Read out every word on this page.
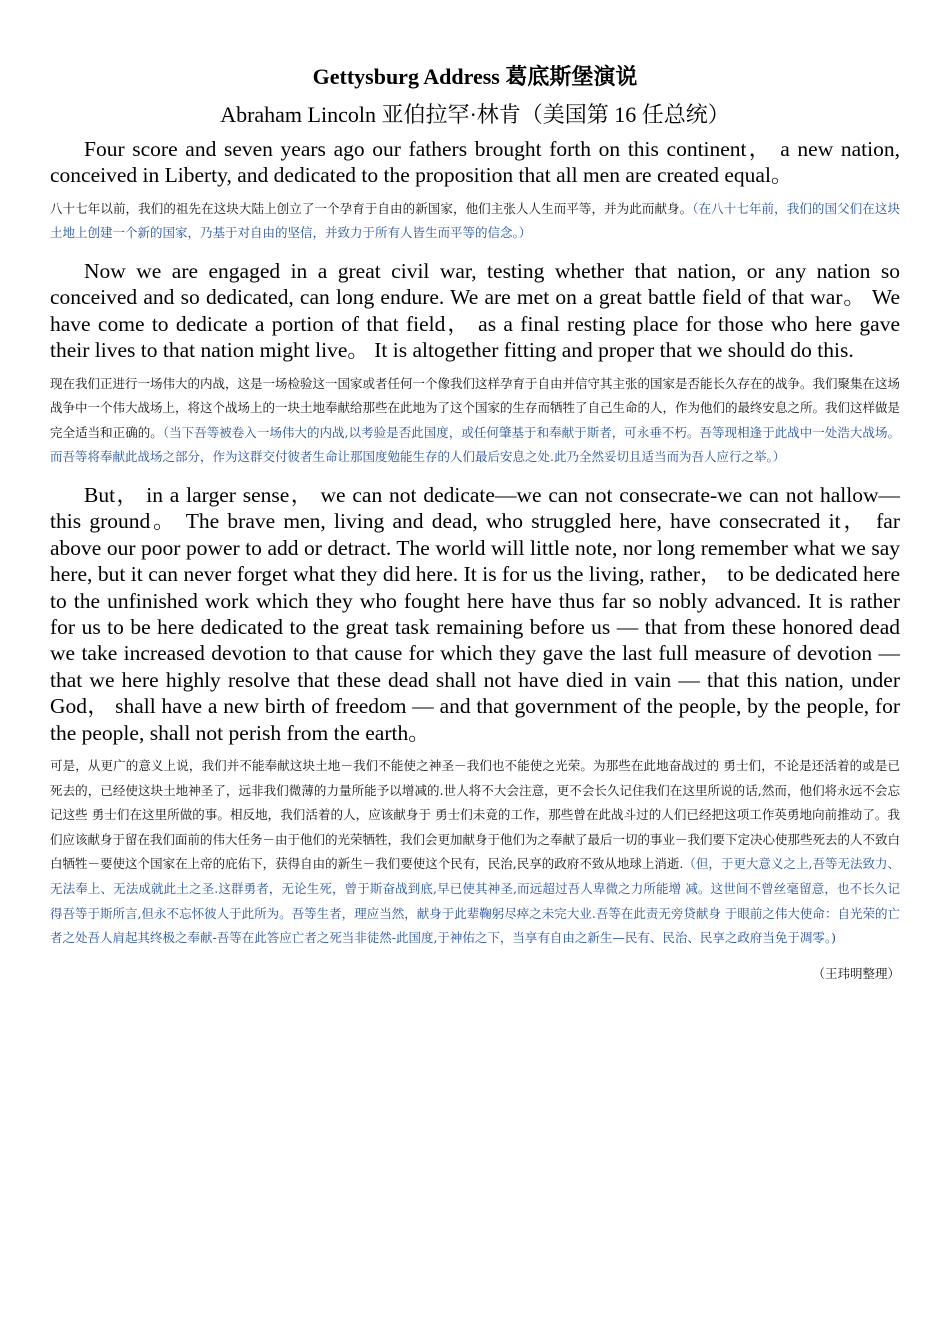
Gettysburg Address 葛底斯堡演说

Abraham Lincoln 亚伯拉罕·林肯（美国第 16 任总统）

Four score and seven years ago our fathers brought forth on this continent， a new nation, conceived in Liberty, and dedicated to the proposition that all men are created equal。

八十七年以前，我们的祖先在这块大陆上创立了一个孕育于自由的新国家，他们主张人人生而平等，并为此而献身。（在八十七年前，我们的国父们在这块土地上创建一个新的国家，乃基于对自由的坚信，并致力于所有人皆生而平等的信念。）

Now we are engaged in a great civil war, testing whether that nation, or any nation so conceived and so dedicated, can long endure. We are met on a great battle field of that war。 We have come to dedicate a portion of that field， as a final resting place for those who here gave their lives to that nation might live。 It is altogether fitting and proper that we should do this.

现在我们正进行一场伟大的内战，这是一场检验这一国家或者任何一个像我们这样孕育于自由并信守其主张的国家是否能长久存在的战争。我们聚集在这场战争中一个伟大战场上，将这个战场上的一块土地奉献给那些在此地为了这个国家的生存而牺牲了自己生命的人，作为他们的最终安息之所。我们这样做是完全适当和正确的。（当下吾等被卷入一场伟大的内战,以考验是否此国度，或任何肇基于和奉献于斯者，可永垂不朽。吾等现相逢于此战中一处浩大战场。而吾等将奉献此战场之部分，作为这群交付彼者生命让那国度勉能生存的人们最后安息之处.此乃全然妥切且适当而为吾人应行之举。）

But， in a larger sense， we can not dedicate—we can not consecrate-we can not hallow—this ground。 The brave men, living and dead, who struggled here, have consecrated it， far above our poor power to add or detract. The world will little note, nor long remember what we say here, but it can never forget what they did here. It is for us the living, rather， to be dedicated here to the unfinished work which they who fought here have thus far so nobly advanced. It is rather for us to be here dedicated to the great task remaining before us — that from these honored dead we take increased devotion to that cause for which they gave the last full measure of devotion — that we here highly resolve that these dead shall not have died in vain — that this nation, under God， shall have a new birth of freedom — and that government of the people, by the people, for the people, shall not perish from the earth。

可是，从更广的意义上说，我们并不能奉献这块土地－我们不能使之神圣－我们也不能使之光荣。为那些在此地奋战过的 勇士们，不论是还活着的或是已死去的，已经使这块土地神圣了，远非我们微薄的力量所能予以增减的.世人将不大会注意，更不会长久记住我们在这里所说的话,然而，他们将永远不会忘记这些 勇士们在这里所做的事。相反地，我们活着的人，应该献身于 勇士们未竟的工作，那些曾在此战斗过的人们已经把这项工作英勇地向前推动了。我们应该献身于留在我们面前的伟大任务－由于他们的光荣牺牲，我们会更加献身于他们为之奉献了最后一切的事业－我们要下定决心使那些死去的人不致白白牺牲－要使这个国家在上帝的庇佑下，获得自由的新生－我们要使这个民有，民治,民享的政府不致从地球上消逝.（但，于更大意义之上,吾等无法致力、无法奉上、无法成就此土之圣.这群勇者，无论生死，曾于斯奋战到底,早已使其神圣,而远超过吾人卑微之力所能增 减。这世间不曾丝毫留意，也不长久记得吾等于斯所言,但永不忘怀彼人于此所为。吾等生者，理应当然，献身于此辈鞠躬尽瘁之未完大业.吾等在此责无旁贷献身 于眼前之伟大使命：自光荣的亡者之处吾人肩起其终极之奉献-吾等在此答应亡者之死当非徒然-此国度,于神佑之下，当享有自由之新生—民有、民治、民享之政府当免于凋零。)

（王玮明整理）
